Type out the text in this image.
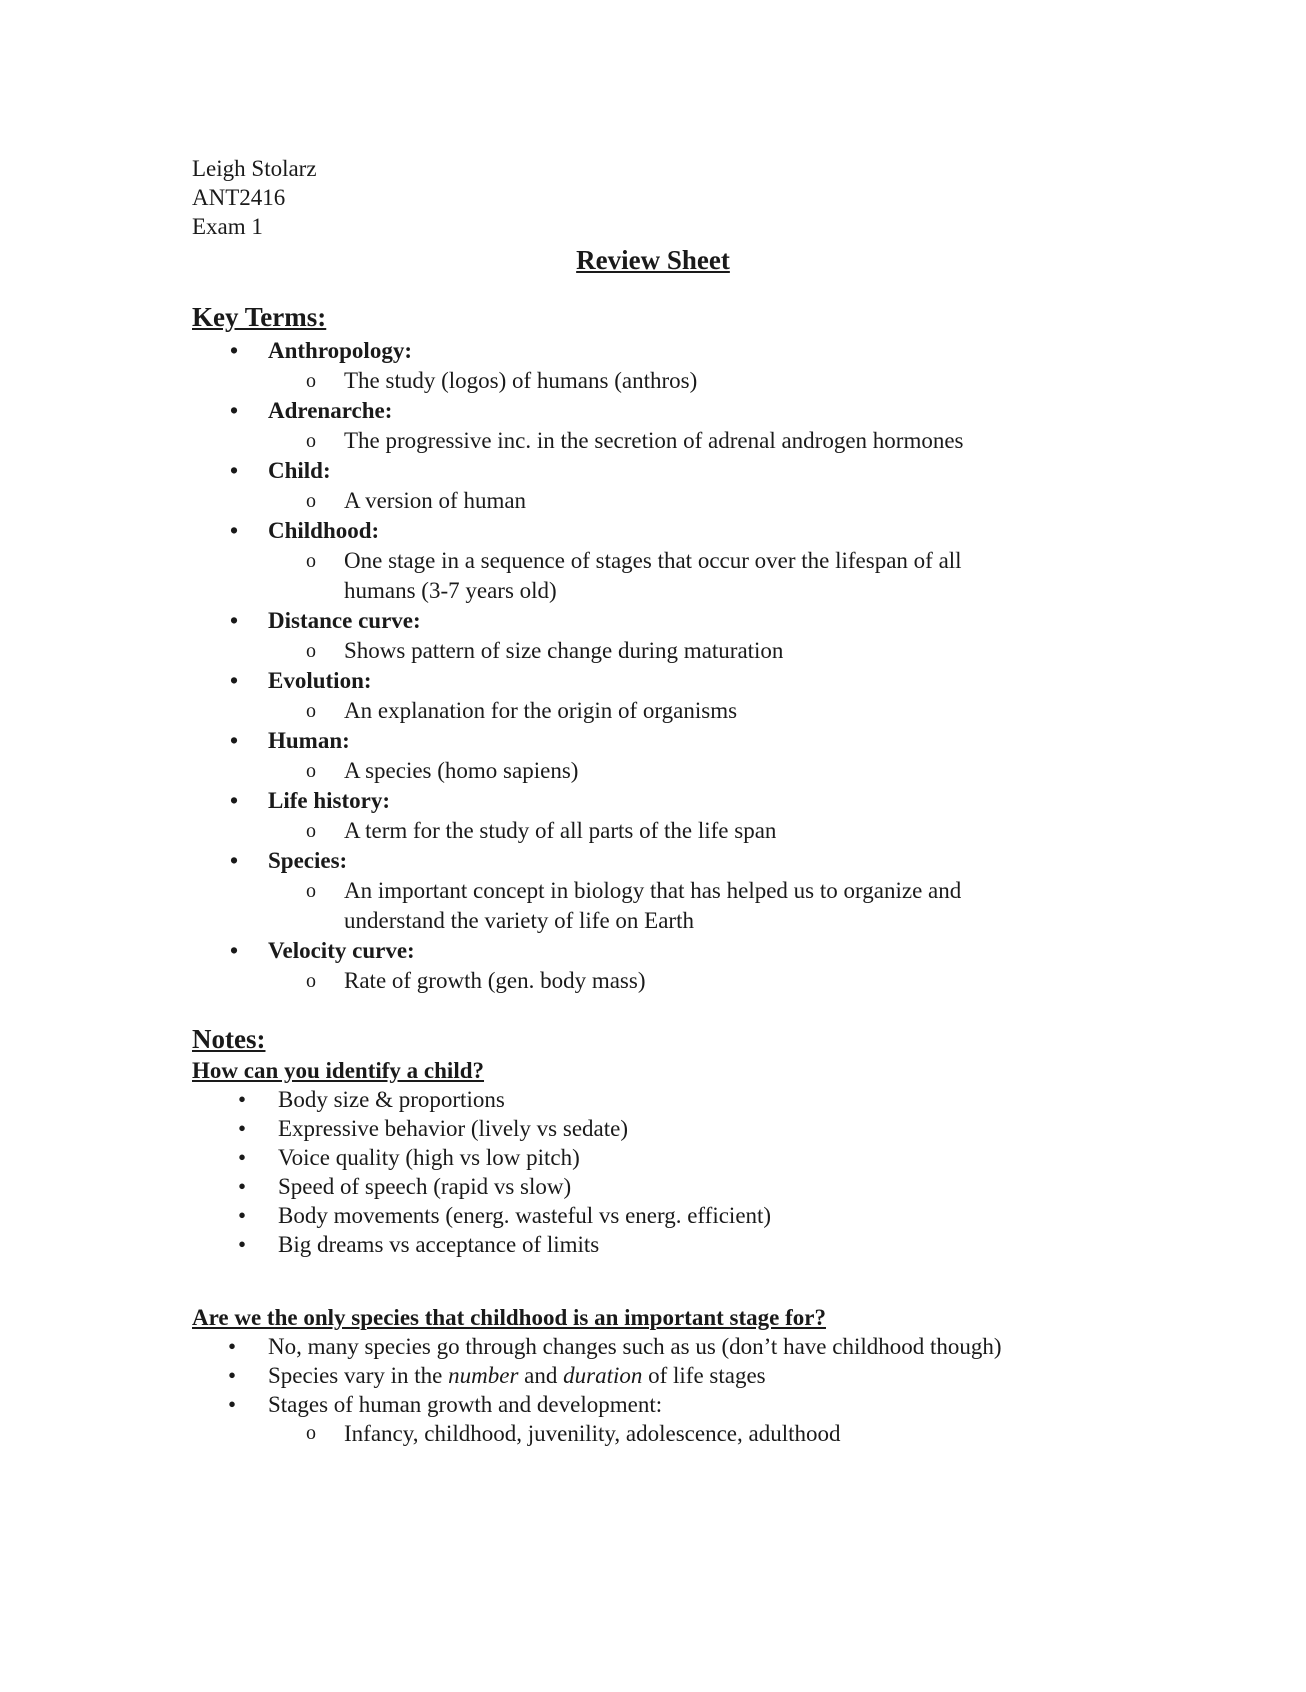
Leigh Stolarz
ANT2416
Exam 1
Review Sheet
Key Terms:
• Anthropology:
o The study (logos) of humans (anthros)
• Adrenarche:
o The progressive inc. in the secretion of adrenal androgen hormones
• Child:
o A version of human
• Childhood:
o One stage in a sequence of stages that occur over the lifespan of all
humans (3-7 years old)
• Distance curve:
o Shows pattern of size change during maturation
• Evolution:
o An explanation for the origin of organisms
• Human:
o A species (homo sapiens)
• Life history:
o A term for the study of all parts of the life span
• Species:
o An important concept in biology that has helped us to organize and
understand the variety of life on Earth
• Velocity curve:
o Rate of growth (gen. body mass)
Notes:
How can you identify a child?
• Body size & proportions
• Expressive behavior (lively vs sedate)
• Voice quality (high vs low pitch)
• Speed of speech (rapid vs slow)
• Body movements (energ. wasteful vs energ. efficient)
• Big dreams vs acceptance of limits
Are we the only species that childhood is an important stage for?
• No, many species go through changes such as us (don’t have childhood though)
• Species vary in the number and duration of life stages
• Stages of human growth and development:
o Infancy, childhood, juvenility, adolescence, adulthood
